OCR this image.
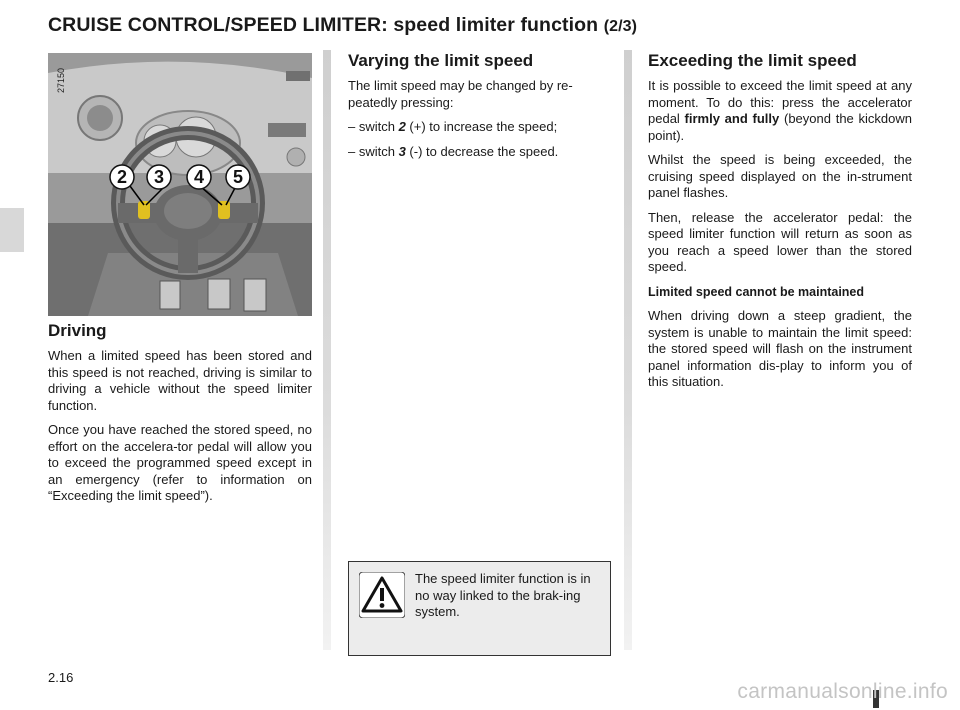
CRUISE CONTROL/SPEED LIMITER: speed limiter function (2/3)
2 3 4 5
27150
Driving

When a limited speed has been stored and this speed is not reached, driving is similar to driving a vehicle without the speed limiter function.

Once you have reached the stored speed, no effort on the accelera-tor pedal will allow you to exceed the programmed speed except in an emergency (refer to information on “Exceeding the limit speed”).

Varying the limit speed

The limit speed may be changed by re-peatedly pressing:

– switch 2 (+) to increase the speed;

– switch 3 (-) to decrease the speed.

The speed limiter function is in no way linked to the brak-ing system.
Exceeding the limit speed

It is possible to exceed the limit speed at any moment. To do this: press the accelerator pedal firmly and fully (beyond the kickdown point).

Whilst the speed is being exceeded, the cruising speed displayed on the in-strument panel flashes.

Then, release the accelerator pedal: the speed limiter function will return as soon as you reach a speed lower than the stored speed.

Limited speed cannot be maintained

When driving down a steep gradient, the system is unable to maintain the limit speed: the stored speed will flash on the instrument panel information dis-play to inform you of this situation.

2.16
carmanualsonline.info
